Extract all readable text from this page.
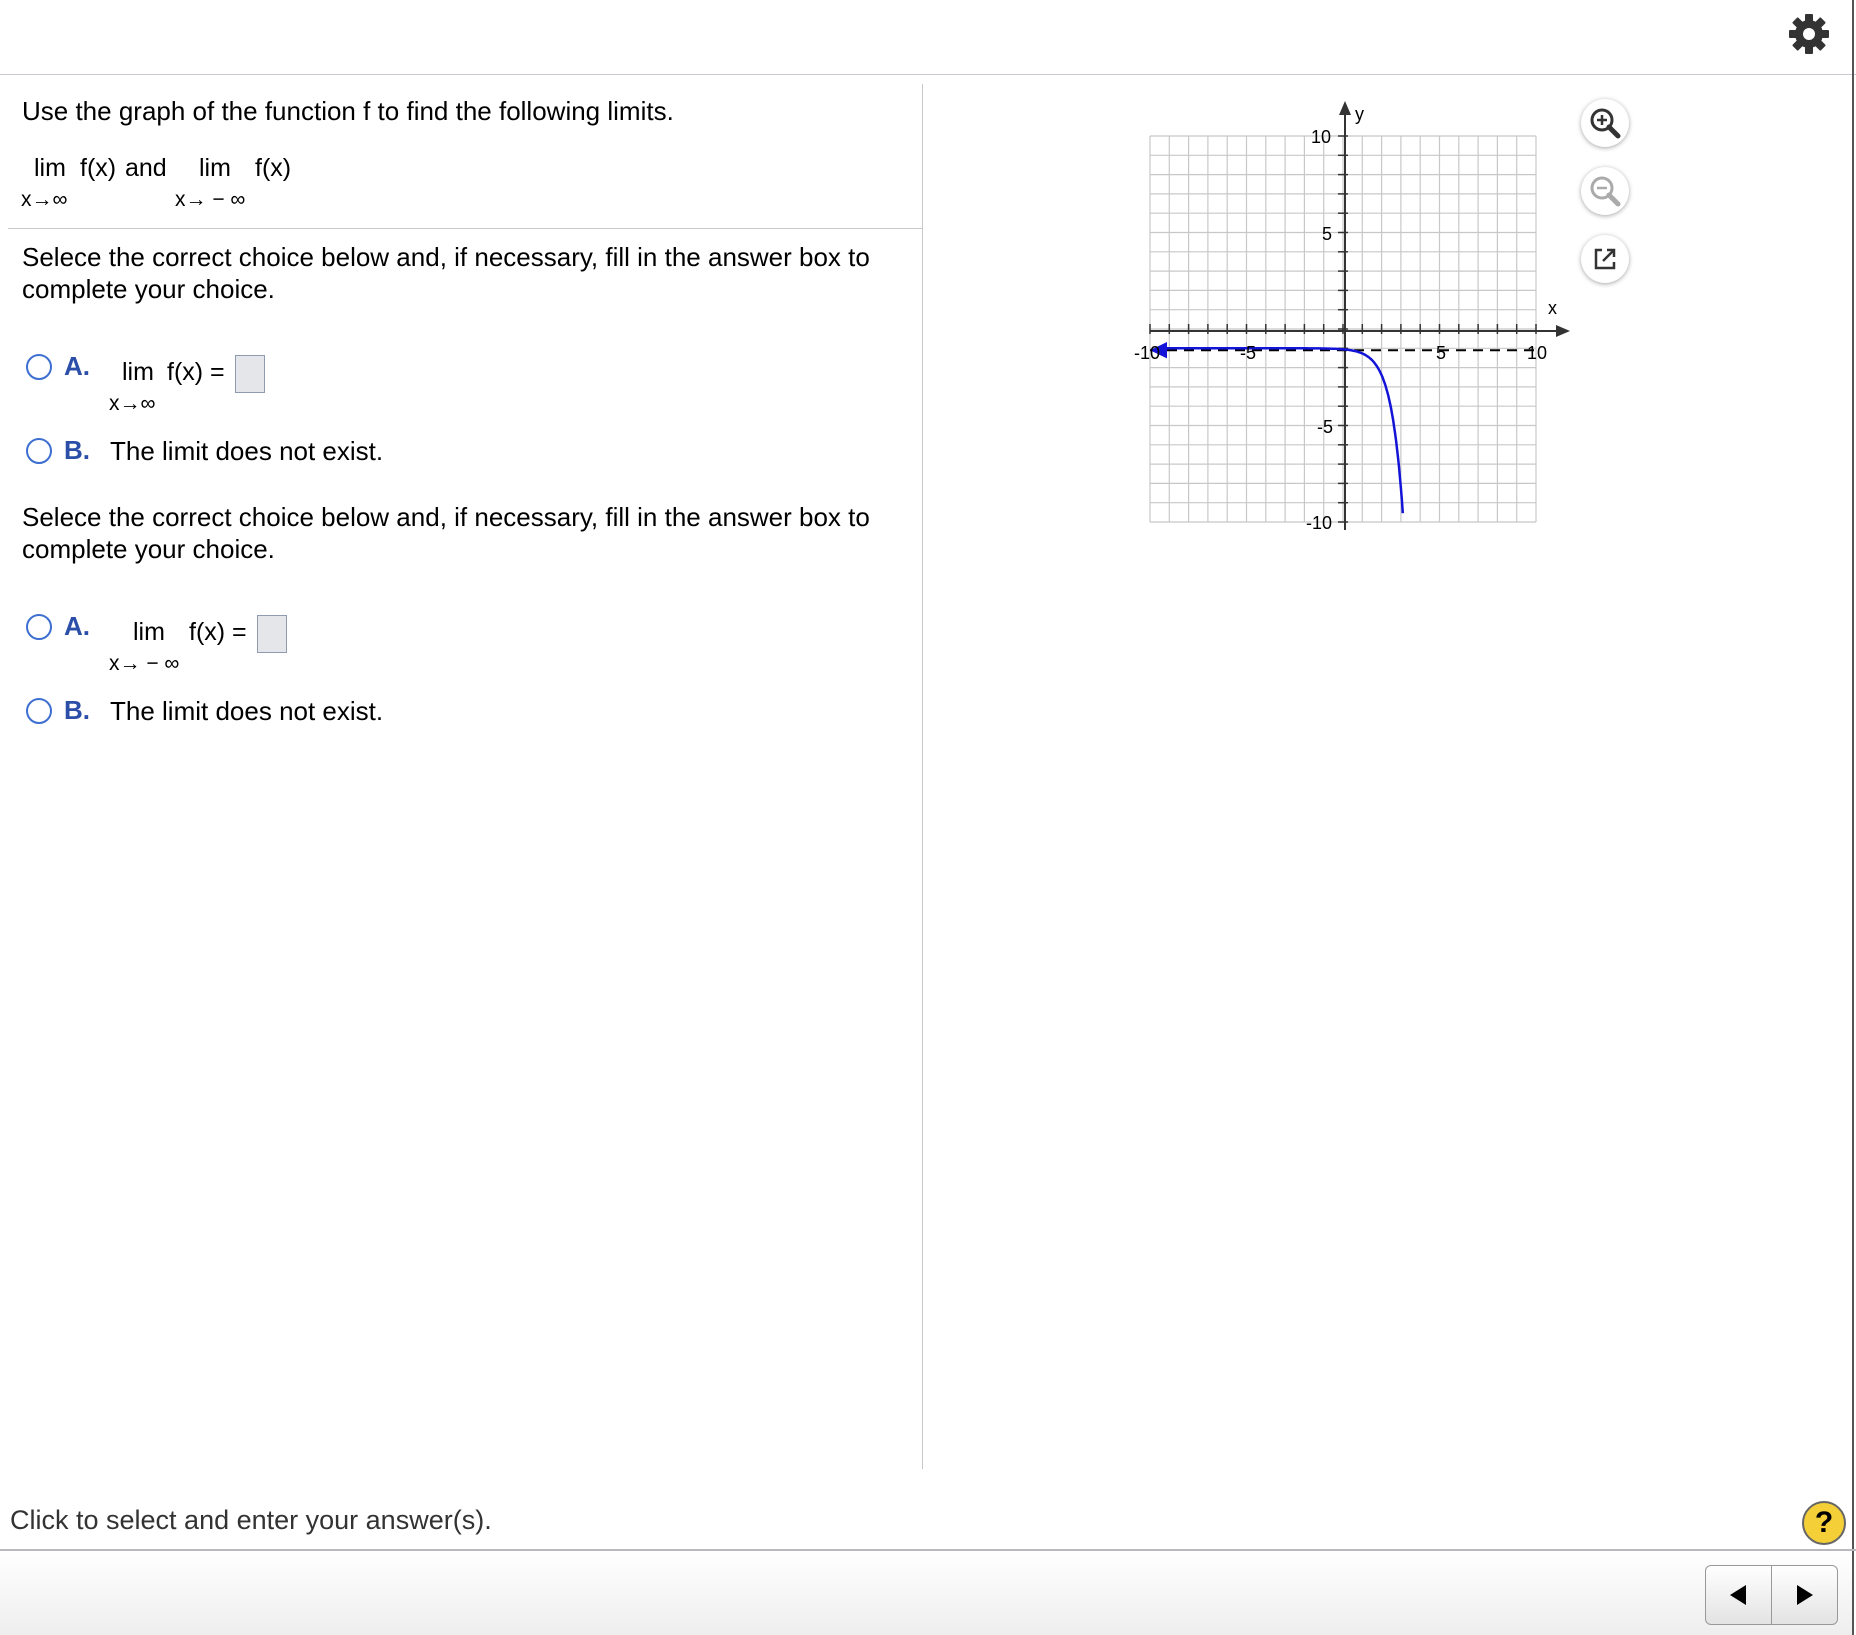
Use the graph of the function f to find the following limits.
lim f(x) and lim f(x)
x→∞	x→ − ∞
Selece the correct choice below and, if necessary, fill in the answer box to
complete your choice.
A. lim f(x) =
x→∞
B. The limit does not exist.
Selece the correct choice below and, if necessary, fill in the answer box to
complete your choice.
A. lim f(x) =
x→ − ∞
B. The limit does not exist.
x
y
-10	-5	5	10
10
5
-5
-10
Click to select and enter your answer(s).	?
